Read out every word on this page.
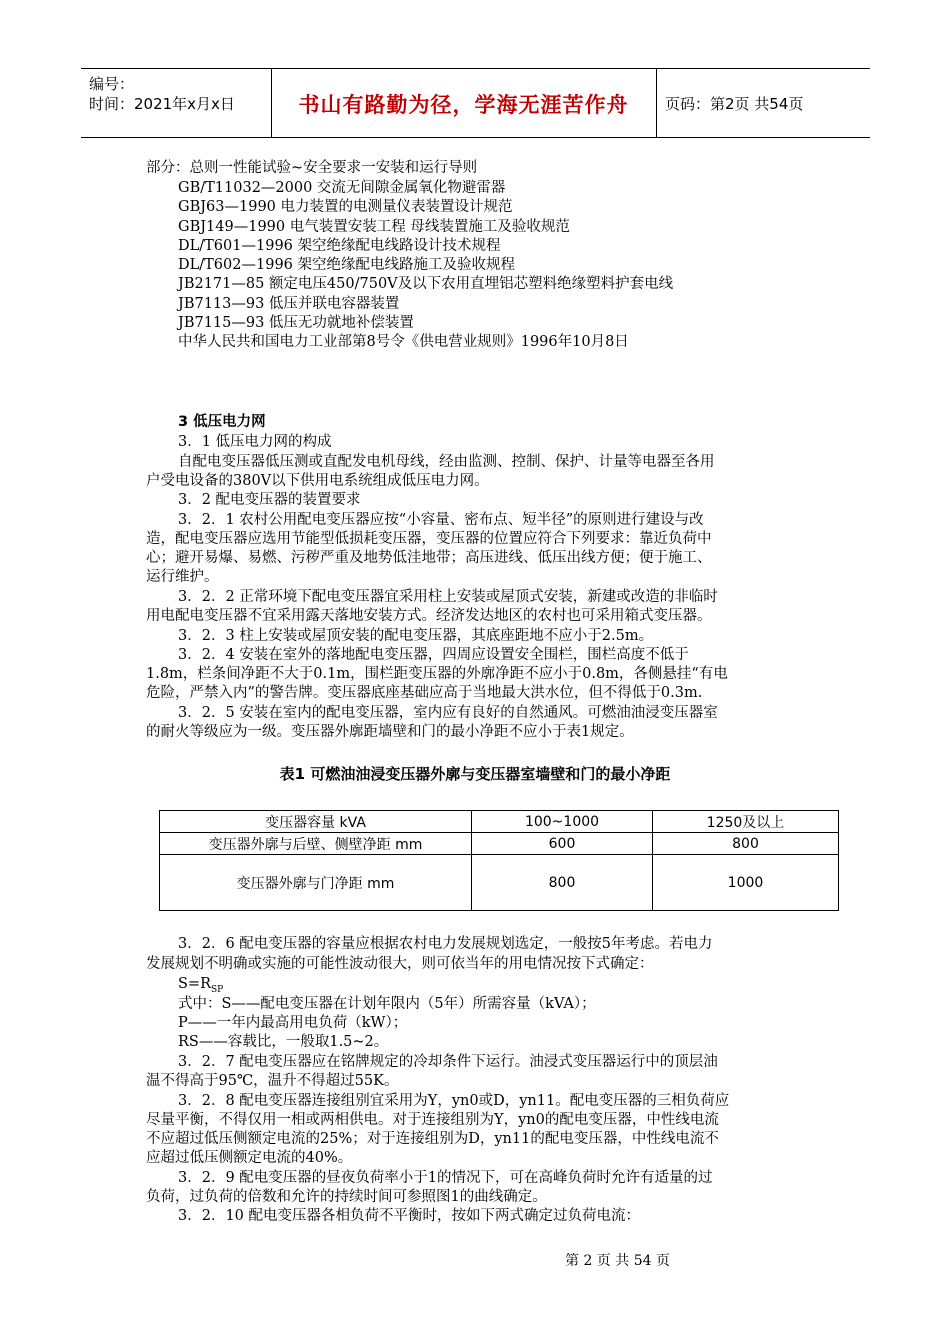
编号：
时间：2021年x月x日	书山有路勤为径，学海无涯苦作舟	页码：第2页 共54页
部分：总则一性能试验~安全要求一安装和运行导则
GB/T11032—2000 交流无间隙金属氧化物避雷器
GBJ63—1990 电力装置的电测量仪表装置设计规范
GBJ149—1990 电气装置安装工程 母线装置施工及验收规范
DL/T601—1996 架空绝缘配电线路设计技术规程
DL/T602—1996 架空绝缘配电线路施工及验收规程
JB2171—85 额定电压450/750V及以下农用直埋铝芯塑料绝缘塑料护套电线
JB7113—93 低压并联电容器装置
JB7115—93 低压无功就地补偿装置
中华人民共和国电力工业部第8号令《供电营业规则》1996年10月8日
3 低压电力网
3．1 低压电力网的构成
自配电变压器低压测或直配发电机母线，经由监测、控制、保护、计量等电器至各用
户受电设备的380V以下供用电系统组成低压电力网。
3．2 配电变压器的装置要求
3．2．1 农村公用配电变压器应按“小容量、密布点、短半径”的原则进行建设与改
造，配电变压器应选用节能型低损耗变压器，变压器的位置应符合下列要求：靠近负荷中
心；避开易爆、易燃、污秽严重及地势低洼地带；高压进线、低压出线方便；便于施工、
运行维护。
3．2．2 正常环境下配电变压器宜采用柱上安装或屋顶式安装，新建或改造的非临时
用电配电变压器不宜采用露天落地安装方式。经济发达地区的农村也可采用箱式变压器。
3．2．3 柱上安装或屋顶安装的配电变压器，其底座距地不应小于2.5m。
3．2．4 安装在室外的落地配电变压器，四周应设置安全围栏，围栏高度不低于
1.8m，栏条间净距不大于0.1m，围栏距变压器的外廓净距不应小于0.8m，各侧悬挂“有电
危险，严禁入内”的警告牌。变压器底座基础应高于当地最大洪水位，但不得低于0.3m.
3．2．5 安装在室内的配电变压器，室内应有良好的自然通风。可燃油油浸变压器室
的耐火等级应为一级。变压器外廓距墙壁和门的最小净距不应小于表1规定。
表1 可燃油油浸变压器外廓与变压器室墙壁和门的最小净距
变压器容量 kVA	100~1000	1250及以上
变压器外廓与后壁、侧壁净距 mm	600	800
变压器外廓与门净距 mm	800	1000
3．2．6 配电变压器的容量应根据农村电力发展规划选定，一般按5年考虑。若电力
发展规划不明确或实施的可能性波动很大，则可依当年的用电情况按下式确定：
$S=R_{SP}$
式中：S——配电变压器在计划年限内（5年）所需容量（kVA）；
P——一年内最高用电负荷（kW）；
RS——容载比，一般取1.5~2。
3．2．7 配电变压器应在铭牌规定的冷却条件下运行。油浸式变压器运行中的顶层油
温不得高于95℃，温升不得超过55K。
3．2．8 配电变压器连接组别宜采用为Y，yn0或D，yn11。配电变压器的三相负荷应
尽量平衡，不得仅用一相或两相供电。对于连接组别为Y，yn0的配电变压器，中性线电流
不应超过低压侧额定电流的25%；对于连接组别为D，yn11的配电变压器，中性线电流不
应超过低压侧额定电流的40%。
3．2．9 配电变压器的昼夜负荷率小于1的情况下，可在高峰负荷时允许有适量的过
负荷，过负荷的倍数和允许的持续时间可参照图1的曲线确定。
3．2．10 配电变压器各相负荷不平衡时，按如下两式确定过负荷电流：
第 2 页 共 54 页
